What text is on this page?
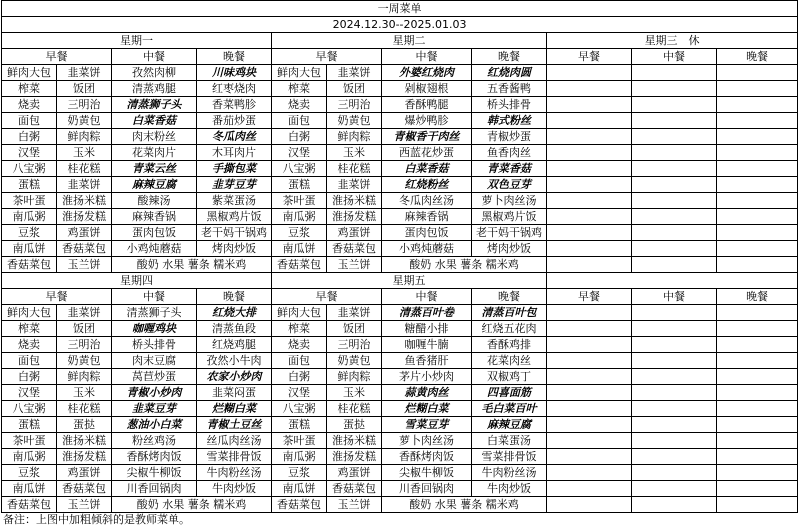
一周菜单										
2024.12.30--2025.01.03										
星期一				星期二				星期三　休		
早餐		中餐	晚餐	早餐		中餐	晚餐	早餐	中餐	晚餐
鲜肉大包	韭菜饼	孜然肉柳	川味鸡块	鲜肉大包	韭菜饼	外婆红烧肉	红烧肉圆			
榨菜	饭团	清蒸鸡腿	红枣烧肉	榨菜	饭团	剁椒翅根	五香酱鸭			
烧卖	三明治	清蒸狮子头	香菜鸭胗	烧卖	三明治	香酥鸭腿	桥头排骨			
面包	奶黄包	白菜香菇	番茄炒蛋	面包	奶黄包	爆炒鸭胗	韩式粉丝			
白粥	鲜肉粽	肉末粉丝	冬瓜肉丝	白粥	鲜肉粽	青椒香干肉丝	青椒炒蛋			
汉堡	玉米	花菜肉片	木耳肉片	汉堡	玉米	西蓝花炒蛋	鱼香肉丝			
八宝粥	桂花糕	青菜云丝	手撕包菜	八宝粥	桂花糕	白菜香菇	青菜香菇			
蛋糕	韭菜饼	麻辣豆腐	韭芽豆芽	蛋糕	韭菜饼	红烧粉丝	双色豆芽			
茶叶蛋	淮扬米糕	酸辣汤	紫菜蛋汤	茶叶蛋	淮扬米糕	冬瓜肉丝汤	萝卜肉丝汤			
南瓜粥	淮扬发糕	麻辣香锅	黑椒鸡片饭	南瓜粥	淮扬发糕	麻辣香锅	黑椒鸡片饭			
豆浆	鸡蛋饼	蛋肉包饭	老干妈干锅鸡	豆浆	鸡蛋饼	蛋肉包饭	老干妈干锅鸡			
南瓜饼	香菇菜包	小鸡炖蘑菇	烤肉炒饭	南瓜饼	香菇菜包	小鸡炖蘑菇	烤肉炒饭			
香菇菜包	玉兰饼	酸奶 水果 薯条 糯米鸡		香菇菜包	玉兰饼	酸奶 水果 薯条 糯米鸡				
星期四				星期五						
早餐		中餐	晚餐	早餐		中餐	晚餐	早餐	中餐	晚餐
鲜肉大包	韭菜饼	清蒸狮子头	红烧大排	鲜肉大包	韭菜饼	清蒸百叶卷	清蒸百叶包			
榨菜	饭团	咖喱鸡块	清蒸鱼段	榨菜	饭团	糖醋小排	红烧五花肉			
烧卖	三明治	桥头排骨	红烧鸡腿	烧卖	三明治	咖喱牛腩	香酥鸡排			
面包	奶黄包	肉末豆腐	孜然小牛肉	面包	奶黄包	鱼香猪肝	花菜肉丝			
白粥	鲜肉粽	莴苣炒蛋	农家小炒肉	白粥	鲜肉粽	茅片小炒肉	双椒鸡丁			
汉堡	玉米	青椒小炒肉	韭菜闷蛋	汉堡	玉米	蒜黄肉丝	四喜面筋			
八宝粥	桂花糕	韭菜豆芽	烂糊白菜	八宝粥	桂花糕	烂糊白菜	毛白菜百叶			
蛋糕	蛋挞	葱油小白菜	青椒土豆丝	蛋糕	蛋挞	雪菜豆芽	麻辣豆腐			
茶叶蛋	淮扬米糕	粉丝鸡汤	丝瓜肉丝汤	茶叶蛋	淮扬米糕	萝卜肉丝汤	白菜蛋汤			
南瓜粥	淮扬发糕	香酥烤肉饭	雪菜排骨饭	南瓜粥	淮扬发糕	香酥烤肉饭	雪菜排骨饭			
豆浆	鸡蛋饼	尖椒牛柳饭	牛肉粉丝汤	豆浆	鸡蛋饼	尖椒牛柳饭	牛肉粉丝汤			
南瓜饼	香菇菜包	川香回锅肉	牛肉炒饭	南瓜饼	香菇菜包	川香回锅肉	牛肉炒饭			
香菇菜包	玉兰饼	酸奶 水果 薯条 糯米鸡		香菇菜包	玉兰饼	酸奶 水果 薯条 糯米鸡				
备注：上图中加粗倾斜的是教师菜单。
